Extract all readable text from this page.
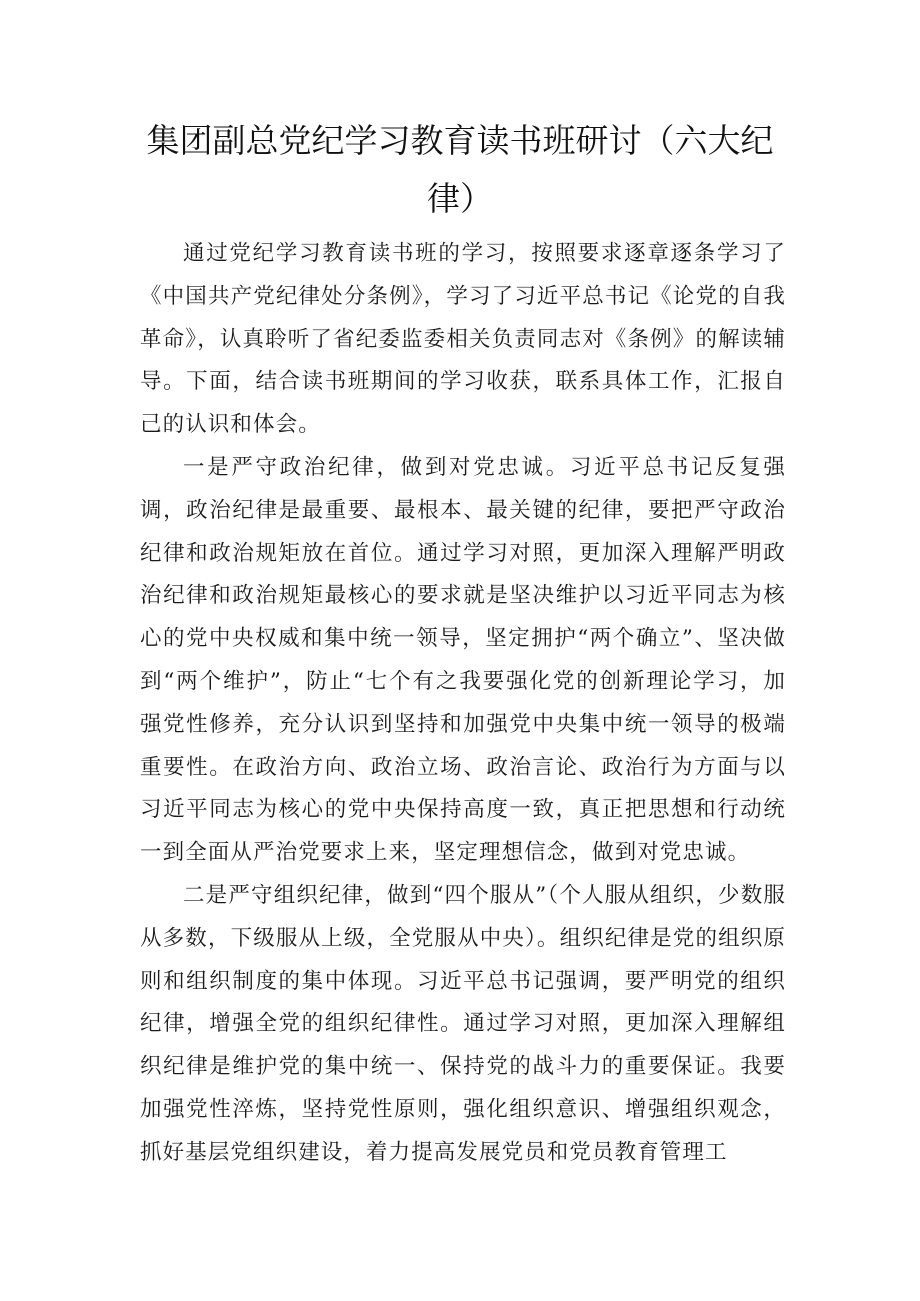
集团副总党纪学习教育读书班研讨（六大纪律）

通过党纪学习教育读书班的学习，按照要求逐章逐条学习了《中国共产党纪律处分条例》，学习了习近平总书记《论党的自我革命》，认真聆听了省纪委监委相关负责同志对《条例》的解读辅导。下面，结合读书班期间的学习收获，联系具体工作，汇报自己的认识和体会。

一是严守政治纪律，做到对党忠诚。习近平总书记反复强调，政治纪律是最重要、最根本、最关键的纪律，要把严守政治纪律和政治规矩放在首位。通过学习对照，更加深入理解严明政治纪律和政治规矩最核心的要求就是坚决维护以习近平同志为核心的党中央权威和集中统一领导，坚定拥护“两个确立”、坚决做到“两个维护”，防止“七个有之我要强化党的创新理论学习，加强党性修养，充分认识到坚持和加强党中央集中统一领导的极端重要性。在政治方向、政治立场、政治言论、政治行为方面与以习近平同志为核心的党中央保持高度一致，真正把思想和行动统一到全面从严治党要求上来，坚定理想信念，做到对党忠诚。

二是严守组织纪律，做到“四个服从”（个人服从组织，少数服从多数，下级服从上级，全党服从中央）。组织纪律是党的组织原则和组织制度的集中体现。习近平总书记强调，要严明党的组织纪律，增强全党的组织纪律性。通过学习对照，更加深入理解组织纪律是维护党的集中统一、保持党的战斗力的重要保证。我要加强党性淬炼，坚持党性原则，强化组织意识、增强组织观念，抓好基层党组织建设，着力提高发展党员和党员教育管理工
